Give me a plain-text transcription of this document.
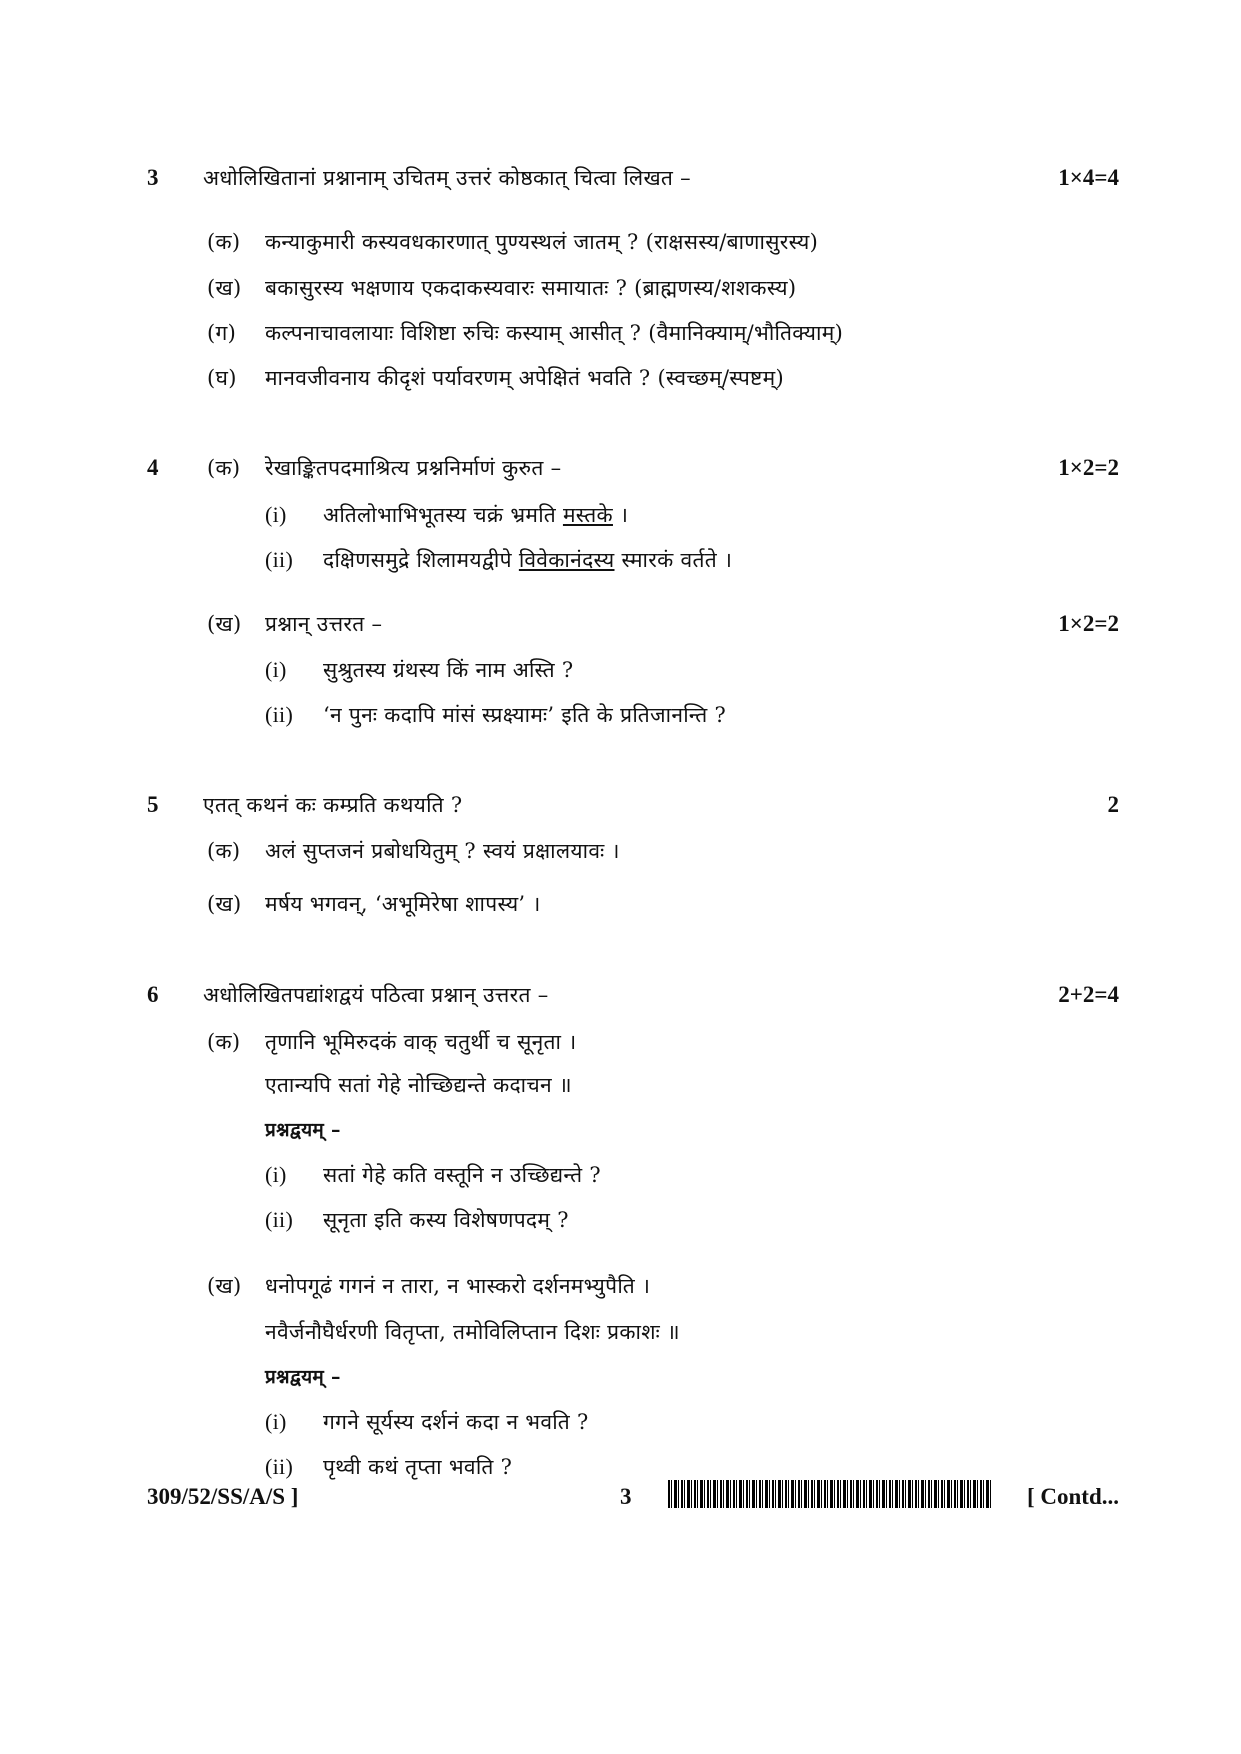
3 अधोलिखितानां प्रश्नानाम् उचितम् उत्तरं कोष्ठकात् चित्वा लिखत –	1×4=4
(क) कन्याकुमारी कस्यवधकारणात् पुण्यस्थलं जातम् ? (राक्षसस्य/बाणासुरस्य)
(ख) बकासुरस्य भक्षणाय एकदाकस्यवारः समायातः ? (ब्राह्मणस्य/शशकस्य)
(ग) कल्पनाचावलायाः विशिष्टा रुचिः कस्याम् आसीत् ? (वैमानिक्याम्/भौतिक्याम्)
(घ) मानवजीवनाय कीदृशं पर्यावरणम् अपेक्षितं भवति ? (स्वच्छम्/स्पष्टम्)
4 (क) रेखाङ्कितपदमाश्रित्य प्रश्ननिर्माणं कुरुत –	1×2=2
(i) अतिलोभाभिभूतस्य चक्रं भ्रमति मस्तके ।
(ii) दक्षिणसमुद्रे शिलामयद्वीपे विवेकानंदस्य स्मारकं वर्तते ।
(ख) प्रश्नान् उत्तरत –	1×2=2
(i) सुश्रुतस्य ग्रंथस्य किं नाम अस्ति ?
(ii) ‘न पुनः कदापि मांसं स्प्रक्ष्यामः’ इति के प्रतिजानन्ति ?
5 एतत् कथनं कः कम्प्रति कथयति ?	2
(क) अलं सुप्तजनं प्रबोधयितुम् ? स्वयं प्रक्षालयावः ।
(ख) मर्षय भगवन्, ‘अभूमिरेषा शापस्य’ ।
6 अधोलिखितपद्यांशद्वयं पठित्वा प्रश्नान् उत्तरत –	2+2=4
(क) तृणानि भूमिरुदकं वाक् चतुर्थी च सूनृता ।
एतान्यपि सतां गेहे नोच्छिद्यन्ते कदाचन ॥
प्रश्नद्वयम् –
(i) सतां गेहे कति वस्तूनि न उच्छिद्यन्ते ?
(ii) सूनृता इति कस्य विशेषणपदम् ?
(ख) धनोपगूढं गगनं न तारा, न भास्करो दर्शनमभ्युपैति ।
नवैर्जनौघैर्धरणी वितृप्ता, तमोविलिप्तान दिशः प्रकाशः ॥
प्रश्नद्वयम् –
(i) गगने सूर्यस्य दर्शनं कदा न भवति ?
(ii) पृथ्वी कथं तृप्ता भवति ?
309/52/SS/A/S ]	3	[ Contd...
